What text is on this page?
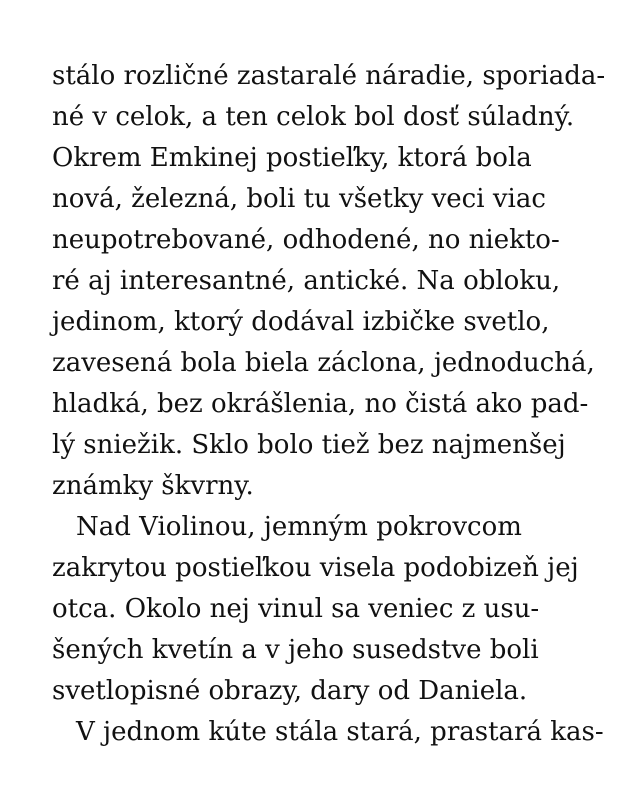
stálo rozličné zastaralé náradie, sporiada-
né v celok, a ten celok bol dosť súladný.
Okrem Emkinej postieľky, ktorá bola
nová, železná, boli tu všetky veci viac
neupotrebované, odhodené, no niekto-
ré aj interesantné, antické. Na obloku,
jedinom, ktorý dodával izbičke svetlo,
zavesená bola biela záclona, jednoduchá,
hladká, bez okrášlenia, no čistá ako pad-
lý sniežik. Sklo bolo tiež bez najmenšej
známky škvrny.
Nad Violinou, jemným pokrovcom
zakrytou postieľkou visela podobizeň jej
otca. Okolo nej vinul sa veniec z usu-
šených kvetín a v jeho susedstve boli
svetlopisné obrazy, dary od Daniela.
V jednom kúte stála stará, prastará kas-
